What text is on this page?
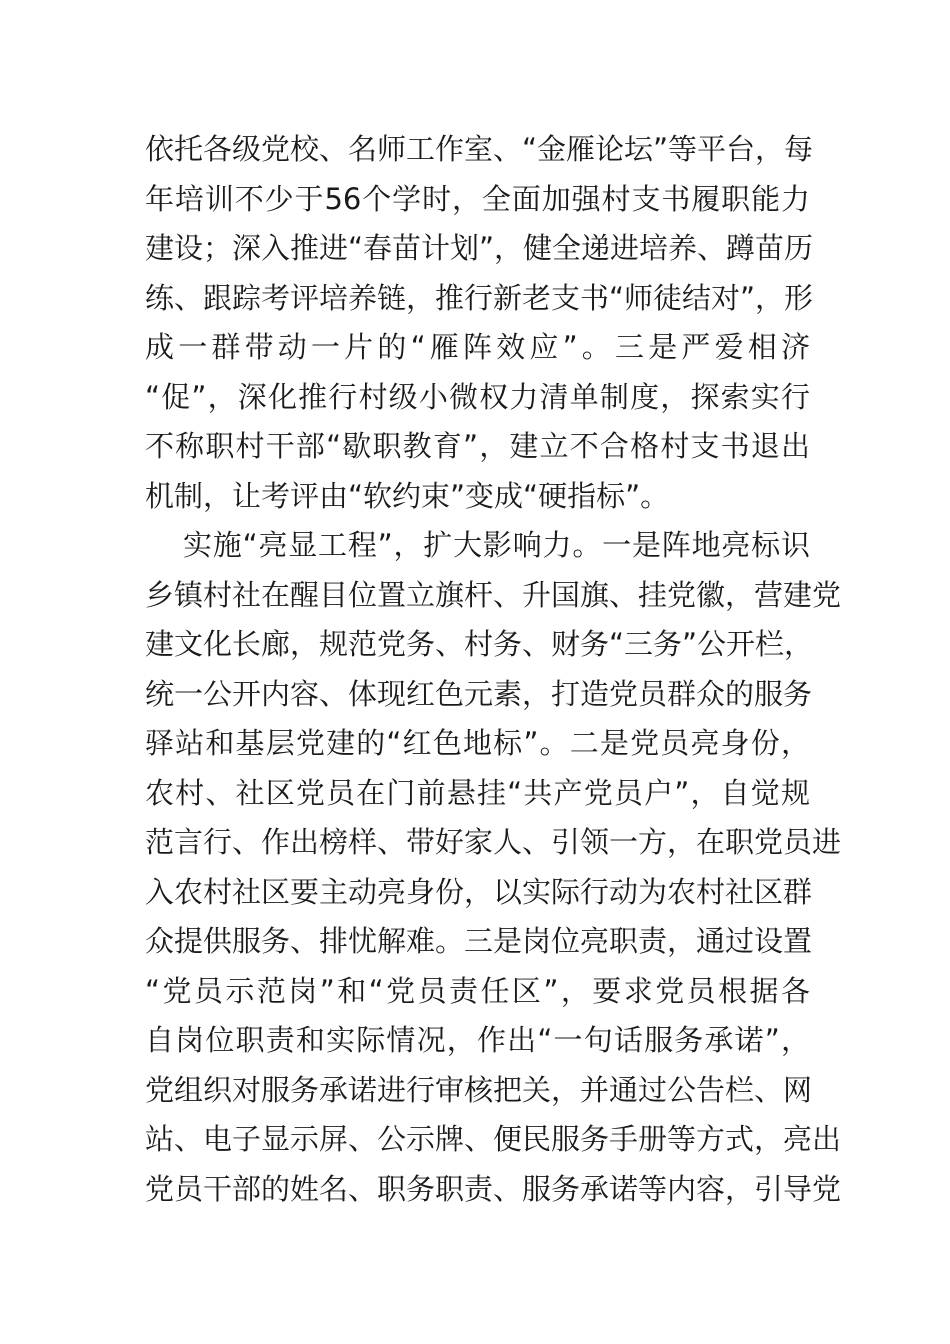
依托各级党校、名师工作室、“金雁论坛”等平台，每
年培训不少于56个学时，全面加强村支书履职能力
建设；深入推进“春苗计划”，健全递进培养、蹲苗历
练、跟踪考评培养链，推行新老支书“师徒结对”，形
成一群带动一片的“雁阵效应”。三是严爱相济
“促”，深化推行村级小微权力清单制度，探索实行
不称职村干部“歇职教育”，建立不合格村支书退出
机制，让考评由“软约束”变成“硬指标”。
实施“亮显工程”，扩大影响力。一是阵地亮标识
乡镇村社在醒目位置立旗杆、升国旗、挂党徽，营建党
建文化长廊，规范党务、村务、财务“三务”公开栏，
统一公开内容、体现红色元素，打造党员群众的服务
驿站和基层党建的“红色地标”。二是党员亮身份，
农村、社区党员在门前悬挂“共产党员户”，自觉规
范言行、作出榜样、带好家人、引领一方，在职党员进
入农村社区要主动亮身份，以实际行动为农村社区群
众提供服务、排忧解难。三是岗位亮职责，通过设置
“党员示范岗”和“党员责任区”，要求党员根据各
自岗位职责和实际情况，作出“一句话服务承诺”，
党组织对服务承诺进行审核把关，并通过公告栏、网
站、电子显示屏、公示牌、便民服务手册等方式，亮出
党员干部的姓名、职务职责、服务承诺等内容，引导党
